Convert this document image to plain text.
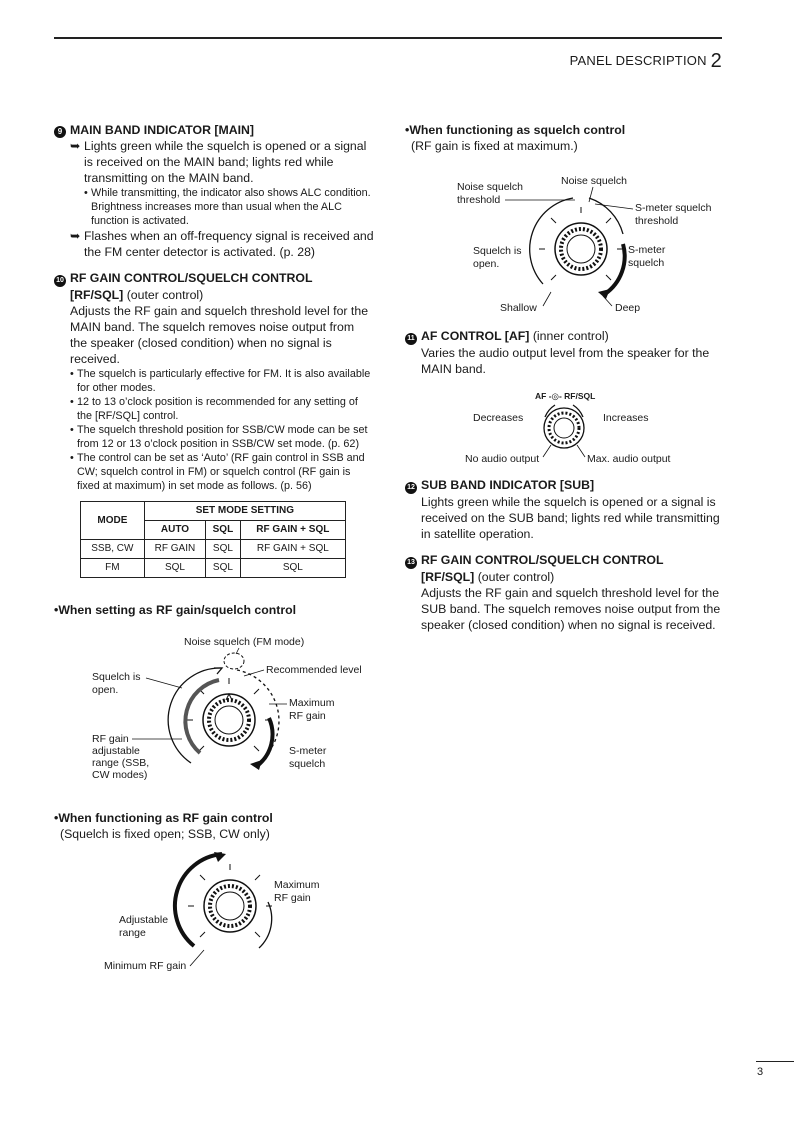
PANEL DESCRIPTION 2
9 MAIN BAND INDICATOR [MAIN]
➥ Lights green while the squelch is opened or a signal is received on the MAIN band; lights red while transmitting on the MAIN band.
• While transmitting, the indicator also shows ALC condition. Brightness increases more than usual when the ALC function is activated.
➥ Flashes when an off-frequency signal is received and the FM center detector is activated. (p. 28)
10 RF GAIN CONTROL/SQUELCH CONTROL
[RF/SQL] (outer control)
Adjusts the RF gain and squelch threshold level for the MAIN band. The squelch removes noise output from the speaker (closed condition) when no signal is received.
• The squelch is particularly effective for FM. It is also available for other modes.
• 12 to 13 o’clock position is recommended for any setting of the [RF/SQL] control.
• The squelch threshold position for SSB/CW mode can be set from 12 or 13 o’clock position in SSB/CW set mode. (p. 62)
• The control can be set as ‘Auto’ (RF gain control in SSB and CW; squelch control in FM) or squelch control (RF gain is fixed at maximum) in set mode as follows. (p. 56)
MODE	SET MODE SETTING		
	AUTO	SQL	RF GAIN + SQL
SSB, CW	RF GAIN	SQL	RF GAIN + SQL
FM	SQL	SQL	SQL
•When setting as RF gain/squelch control
Noise squelch (FM mode)
Recommended level
Squelch is
open.
Maximum
RF gain
RF gain
adjustable
range (SSB,
CW modes)
S-meter
squelch
•When functioning as RF gain control
(Squelch is fixed open; SSB, CW only)
Maximum
RF gain
Adjustable
range
Minimum RF gain
•When functioning as squelch control
(RF gain is fixed at maximum.)
Noise squelch
Noise squelch
threshold
S-meter squelch
threshold
Squelch is
open.
S-meter
squelch
Shallow	Deep
11 AF CONTROL [AF] (inner control)
Varies the audio output level from the speaker for the MAIN band.
AF -◎- RF/SQL
Decreases	Increases
No audio output	Max. audio output
12 SUB BAND INDICATOR [SUB]
Lights green while the squelch is opened or a signal is received on the SUB band; lights red while transmitting in satellite operation.
13 RF GAIN CONTROL/SQUELCH CONTROL
[RF/SQL] (outer control)
Adjusts the RF gain and squelch threshold level for the SUB band. The squelch removes noise output from the speaker (closed condition) when no signal is received.
3
